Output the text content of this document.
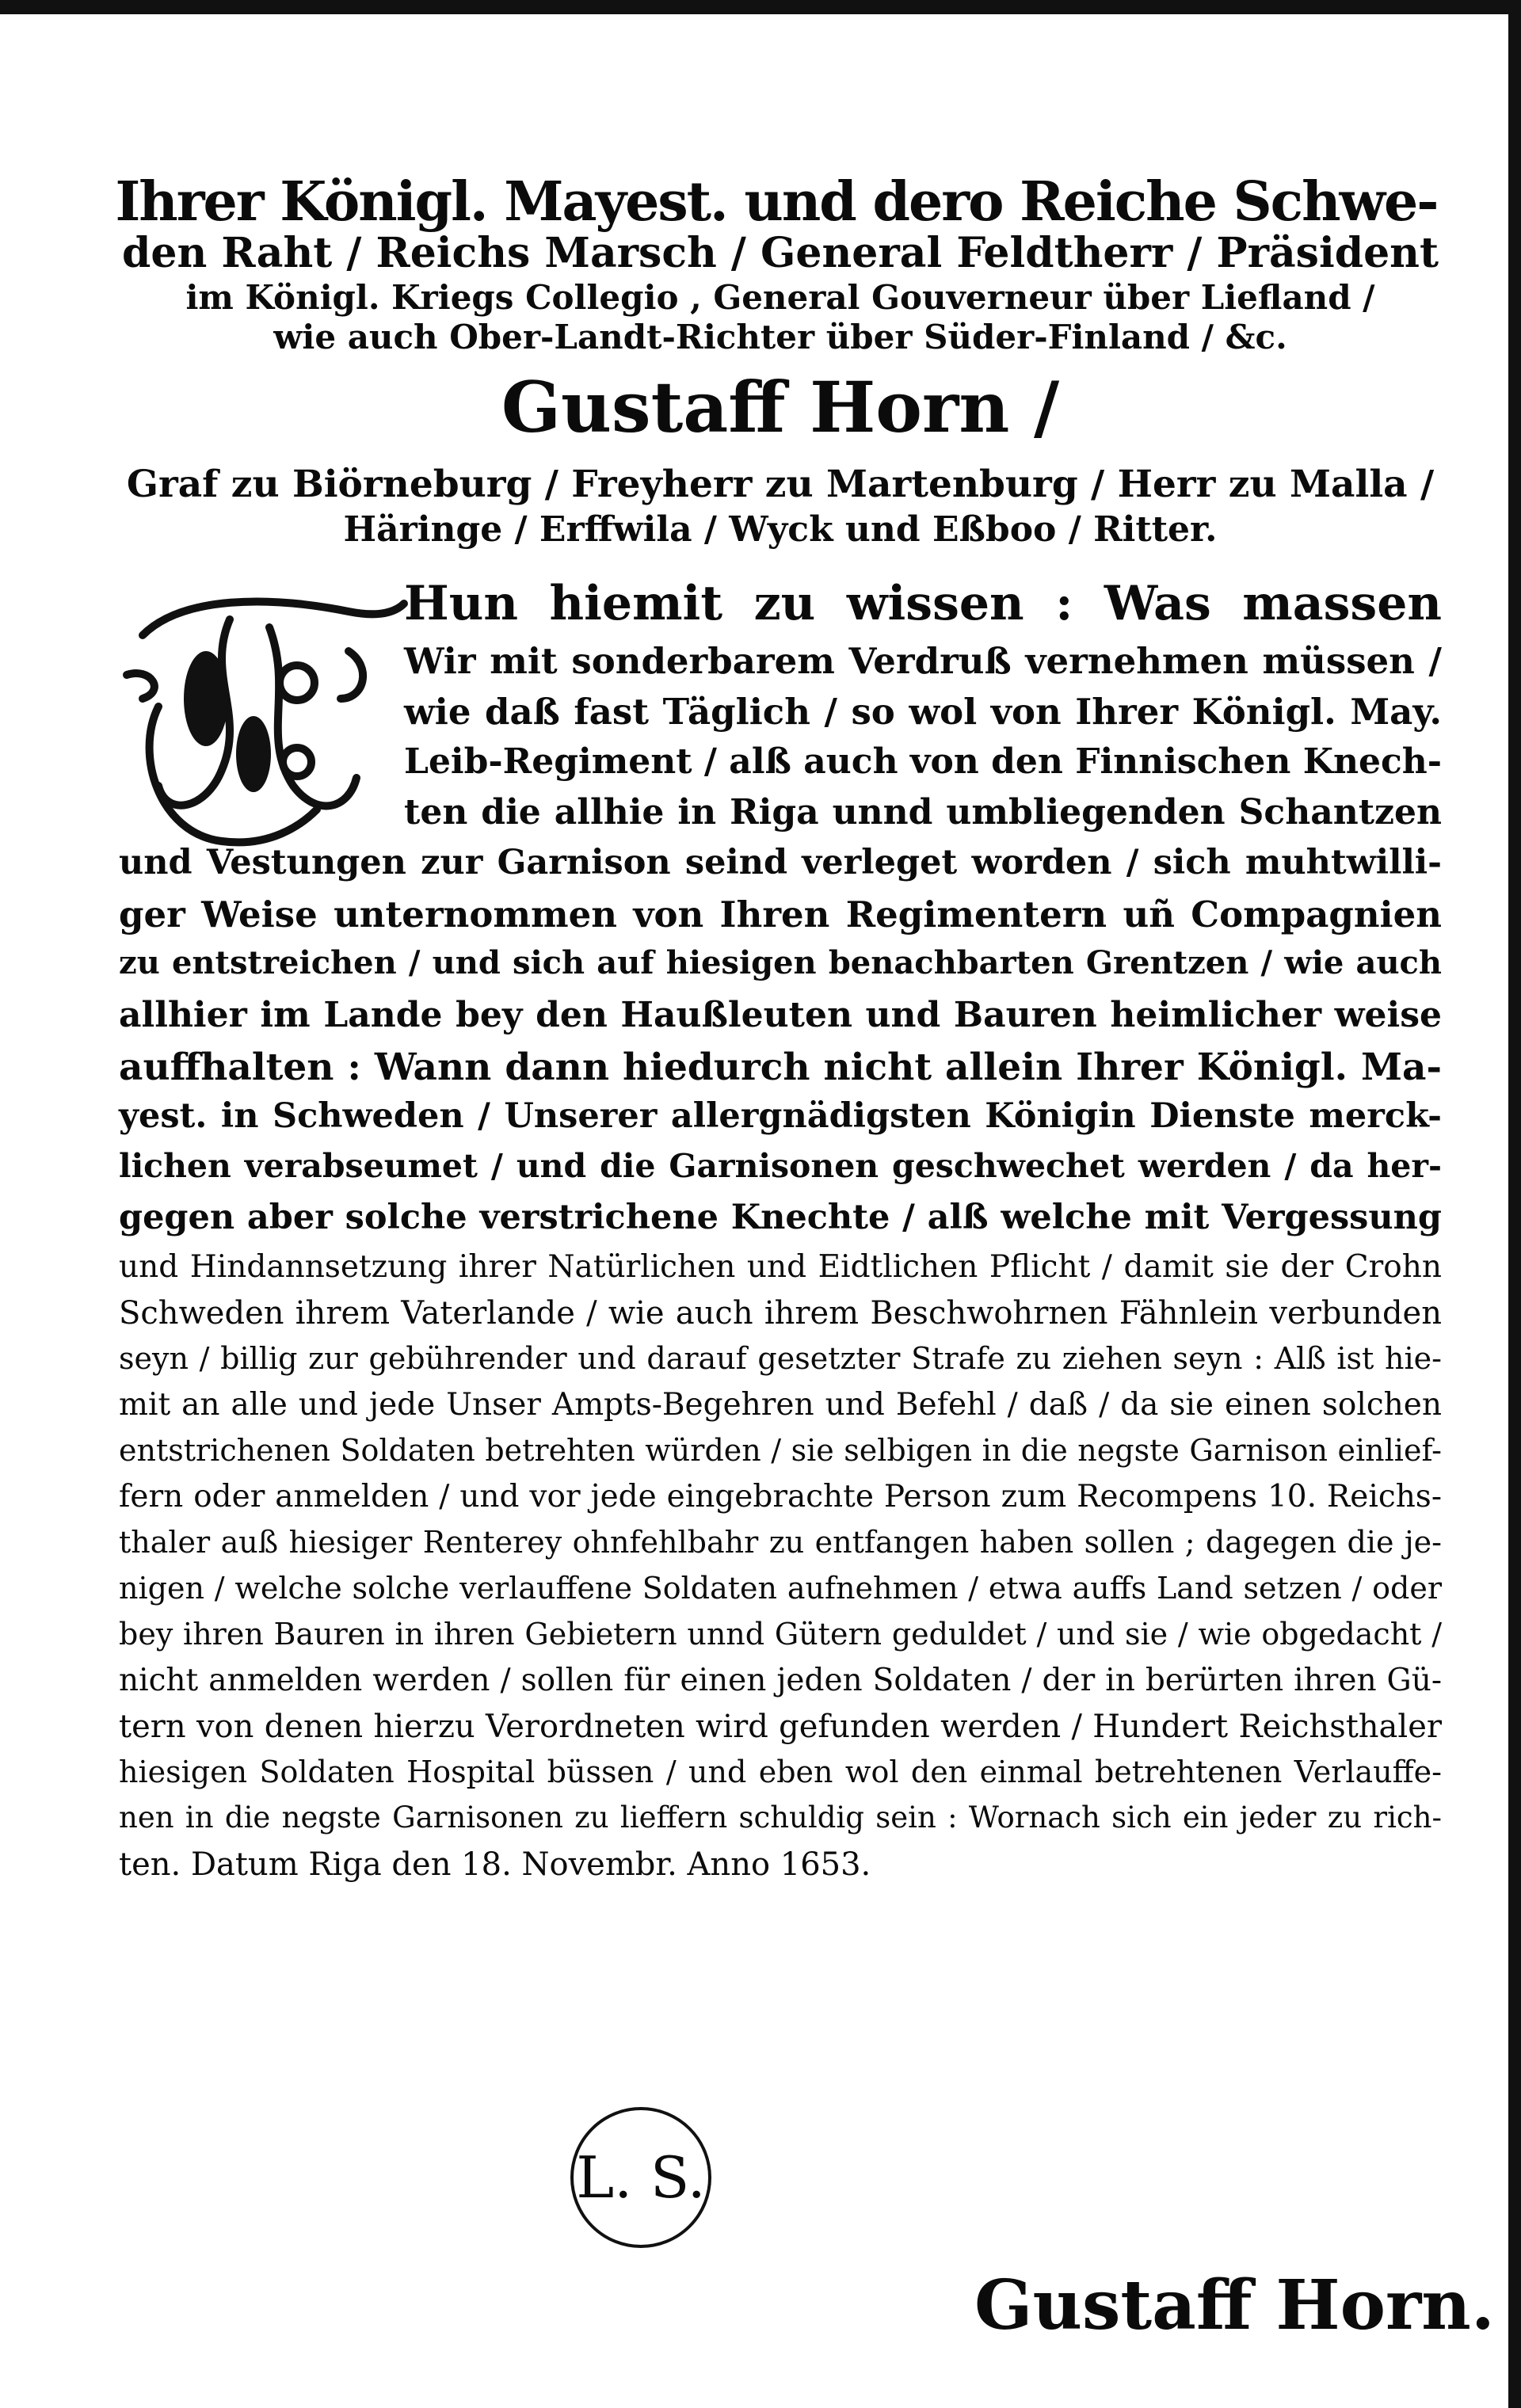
Ihrer Königl. Mayest. und dero Reiche Schwe-
den Raht / Reichs Marsch / General Feldtherr / Präsident
im Königl. Kriegs Collegio , General Gouverneur über Liefland /
wie auch Ober-Landt-Richter über Süder-Finland / &c.
Gustaff Horn /
Graf zu Biörneburg / Freyherr zu Martenburg / Herr zu Malla /
Häringe / Erffwila / Wyck und Eßboo / Ritter.
Hun hiemit zu wissen : Was massen
Wir mit sonderbarem Verdruß vernehmen müssen /
wie daß fast Täglich / so wol von Ihrer Königl. May.
Leib-Regiment / alß auch von den Finnischen Knech-
ten die allhie in Riga unnd umbliegenden Schantzen
und Vestungen zur Garnison seind verleget worden / sich muhtwilli-
ger Weise unternommen von Ihren Regimentern uñ Compagnien
zu entstreichen / und sich auf hiesigen benachbarten Grentzen / wie auch
allhier im Lande bey den Haußleuten und Bauren heimlicher weise
auffhalten : Wann dann hiedurch nicht allein Ihrer Königl. Ma-
yest. in Schweden / Unserer allergnädigsten Königin Dienste merck-
lichen verabseumet / und die Garnisonen geschwechet werden / da her-
gegen aber solche verstrichene Knechte / alß welche mit Vergessung
und Hindannsetzung ihrer Natürlichen und Eidtlichen Pflicht / damit sie der Crohn
Schweden ihrem Vaterlande / wie auch ihrem Beschwohrnen Fähnlein verbunden
seyn / billig zur gebührender und darauf gesetzter Strafe zu ziehen seyn : Alß ist hie-
mit an alle und jede Unser Ampts-Begehren und Befehl / daß / da sie einen solchen
entstrichenen Soldaten betrehten würden / sie selbigen in die negste Garnison einlief-
fern oder anmelden / und vor jede eingebrachte Person zum Recompens 10. Reichs-
thaler auß hiesiger Renterey ohnfehlbahr zu entfangen haben sollen ; dagegen die je-
nigen / welche solche verlauffene Soldaten aufnehmen / etwa auffs Land setzen / oder
bey ihren Bauren in ihren Gebietern unnd Gütern geduldet / und sie / wie obgedacht /
nicht anmelden werden / sollen für einen jeden Soldaten / der in berürten ihren Gü-
tern von denen hierzu Verordneten wird gefunden werden / Hundert Reichsthaler
hiesigen Soldaten Hospital büssen / und eben wol den einmal betrehtenen Verlauffe-
nen in die negste Garnisonen zu lieffern schuldig sein : Wornach sich ein jeder zu rich-
ten. Datum Riga den 18. Novembr. Anno 1653.
L. S.
Gustaff Horn.
